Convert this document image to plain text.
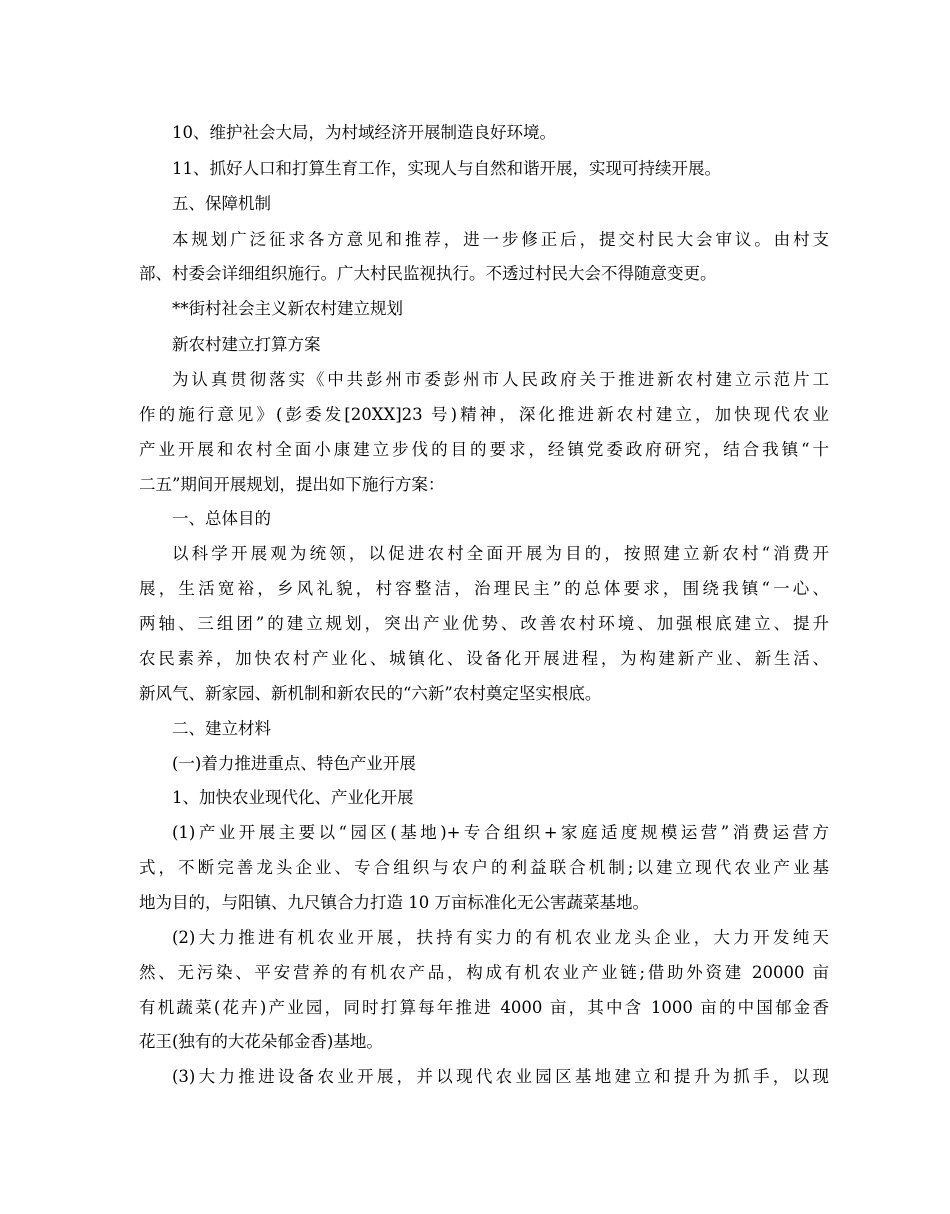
10、维护社会大局，为村域经济开展制造良好环境。
11、抓好人口和打算生育工作，实现人与自然和谐开展，实现可持续开展。
五、保障机制
本规划广泛征求各方意见和推荐，进一步修正后，提交村民大会审议。由村支
部、村委会详细组织施行。广大村民监视执行。不透过村民大会不得随意变更。
**街村社会主义新农村建立规划
新农村建立打算方案
为认真贯彻落实《中共彭州市委彭州市人民政府关于推进新农村建立示范片工
作的施行意见》(彭委发[20XX]23 号)精神，深化推进新农村建立，加快现代农业
产业开展和农村全面小康建立步伐的目的要求，经镇党委政府研究，结合我镇“十
二五”期间开展规划，提出如下施行方案：
一、总体目的
以科学开展观为统领，以促进农村全面开展为目的，按照建立新农村“消费开
展，生活宽裕，乡风礼貌，村容整洁，治理民主”的总体要求，围绕我镇“一心、
两轴、三组团”的建立规划，突出产业优势、改善农村环境、加强根底建立、提升
农民素养，加快农村产业化、城镇化、设备化开展进程，为构建新产业、新生活、
新风气、新家园、新机制和新农民的“六新”农村奠定坚实根底。
二、建立材料
(一)着力推进重点、特色产业开展
1、加快农业现代化、产业化开展
(1)产业开展主要以“园区(基地)+专合组织+家庭适度规模运营”消费运营方
式，不断完善龙头企业、专合组织与农户的利益联合机制;以建立现代农业产业基
地为目的，与阳镇、九尺镇合力打造 10 万亩标准化无公害蔬菜基地。
(2)大力推进有机农业开展，扶持有实力的有机农业龙头企业，大力开发纯天
然、无污染、平安营养的有机农产品，构成有机农业产业链;借助外资建 20000 亩
有机蔬菜(花卉)产业园，同时打算每年推进 4000 亩，其中含 1000 亩的中国郁金香
花王(独有的大花朵郁金香)基地。
(3)大力推进设备农业开展，并以现代农业园区基地建立和提升为抓手，以现
